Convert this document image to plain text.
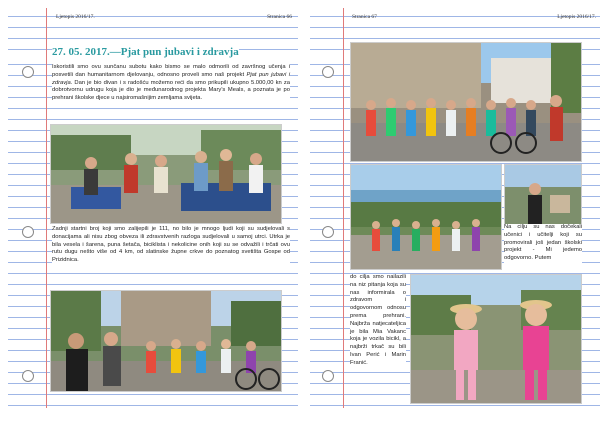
Ljetopis 2016/17.	Stranica 66
27. 05. 2017.—Pjat pun jubavi i zdravja
Iskoristili smo ovu sunčanu subotu kako bismo se malo odmorili od završnog učenja i posvetili dan humanitarnom djelovanju, odnosno proveli smo naš projekt Pjat pun jubavi i zdravja. Dan je bio divan i s radošću možemo reći da smo prikupili ukupno 5.000,00 kn za dobrotvornu udrugu koja je dio je međunarodnog projekta Mary's Meals, a poznata je po prehrani školske djece u najsiromašnijim zemljama svijeta.
Zadnji startni broj koji smo zalijepili je 111, no bilo je mnogo ljudi koji su sudjelovali s donacijama ali nisu zbog obveza ili zdravstvenih razloga sudjelovali u samoj utrci. Utrka je bila vesela i šarena, puna šetača, biciklista i nekolicine onih koji su se odvažili i trčati ovu rutu dugu nešto više od 4 km, od slatinske župne crkve do poznatog svetišta Gospe od Prizidnica.
Stranica 67	Ljetopis 2016/17.
Na cilju su nas dočekali učenici i učitelji koji su promovirali još jedan školski projekt - Mi jedemo odgovorno. Putem
do cilja smo nailazili na niz pitanja koja su nas informirala o zdravom i odgovornom odnosu prema prehrani. Najbrža natjecateljica je bila Mia Vakanc koja je vozila bicikl, a najbrži trkač su bili Ivan Perić i Marin Franić.
